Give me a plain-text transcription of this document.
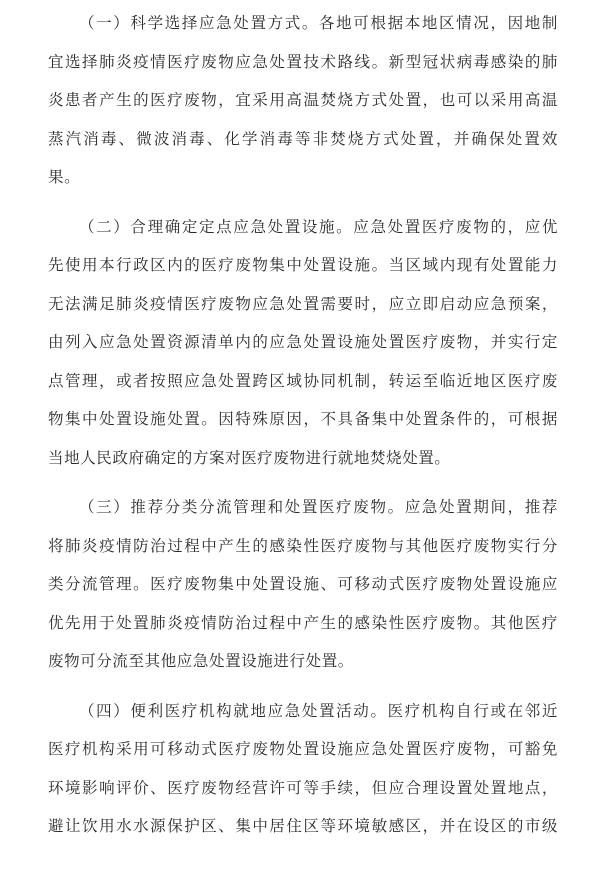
（一）科学选择应急处置方式。各地可根据本地区情况，因地制
宜选择肺炎疫情医疗废物应急处置技术路线。新型冠状病毒感染的肺
炎患者产生的医疗废物，宜采用高温焚烧方式处置，也可以采用高温
蒸汽消毒、微波消毒、化学消毒等非焚烧方式处置，并确保处置效
果。

（二）合理确定定点应急处置设施。应急处置医疗废物的，应优
先使用本行政区内的医疗废物集中处置设施。当区域内现有处置能力
无法满足肺炎疫情医疗废物应急处置需要时，应立即启动应急预案，
由列入应急处置资源清单内的应急处置设施处置医疗废物，并实行定
点管理，或者按照应急处置跨区域协同机制，转运至临近地区医疗废
物集中处置设施处置。因特殊原因，不具备集中处置条件的，可根据
当地人民政府确定的方案对医疗废物进行就地焚烧处置。

（三）推荐分类分流管理和处置医疗废物。应急处置期间，推荐
将肺炎疫情防治过程中产生的感染性医疗废物与其他医疗废物实行分
类分流管理。医疗废物集中处置设施、可移动式医疗废物处置设施应
优先用于处置肺炎疫情防治过程中产生的感染性医疗废物。其他医疗
废物可分流至其他应急处置设施进行处置。

（四）便利医疗机构就地应急处置活动。医疗机构自行或在邻近
医疗机构采用可移动式医疗废物处置设施应急处置医疗废物，可豁免
环境影响评价、医疗废物经营许可等手续，但应合理设置处置地点，
避让饮用水水源保护区、集中居住区等环境敏感区，并在设区的市级
